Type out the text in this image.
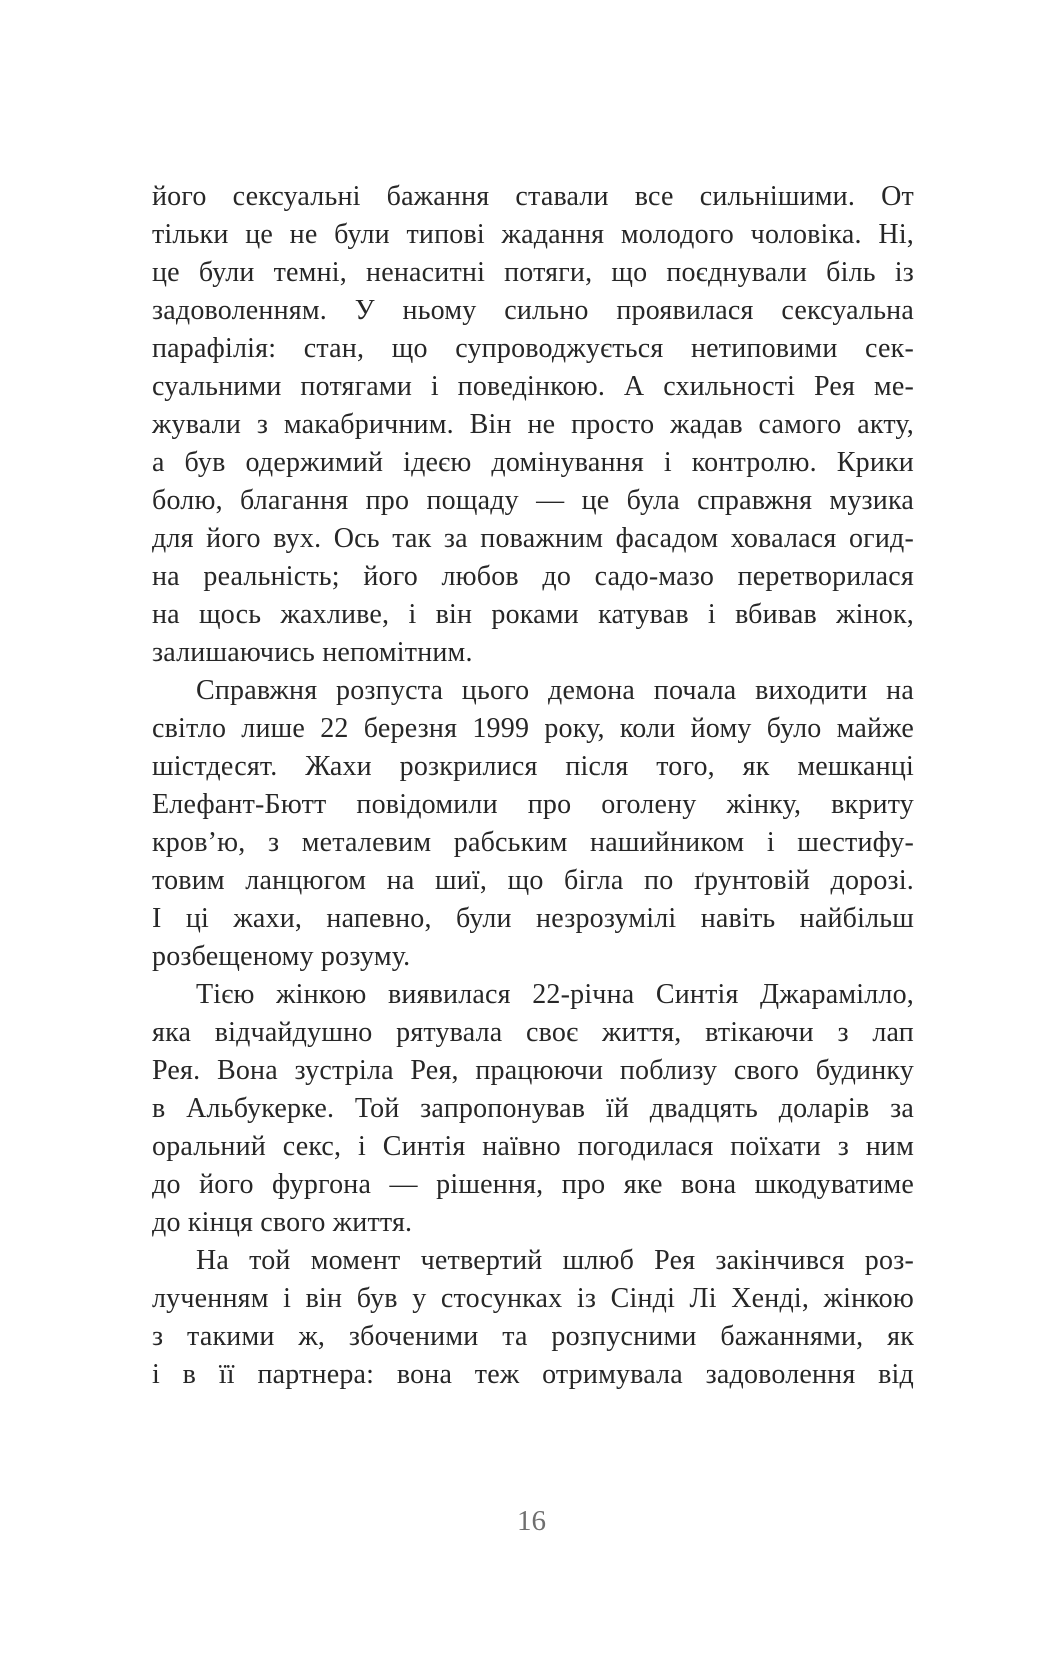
його сексуальні бажання ставали все сильнішими. От
тільки це не були типові жадання молодого чоловіка. Ні,
це були темні, ненаситні потяги, що поєднували біль із
задоволенням. У ньому сильно проявилася сексуальна
парафілія: стан, що супроводжується нетиповими сек-
суальними потягами і поведінкою. А схильності Рея ме-
жували з макабричним. Він не просто жадав самого акту,
а був одержимий ідеєю домінування і контролю. Крики
болю, благання про пощаду — це була справжня музика
для його вух. Ось так за поважним фасадом ховалася огид-
на реальність; його любов до садо-мазо перетворилася
на щось жахливе, і він роками катував і вбивав жінок,
залишаючись непомітним.

Справжня розпуста цього демона почала виходити на
світло лише 22 березня 1999 року, коли йому було майже
шістдесят. Жахи розкрилися після того, як мешканці
Елефант-Бютт повідомили про оголену жінку, вкриту
кров’ю, з металевим рабським нашийником і шестифу-
товим ланцюгом на шиї, що бігла по ґрунтовій дорозі.
І ці жахи, напевно, були незрозумілі навіть найбільш
розбещеному розуму.

Тією жінкою виявилася 22-річна Синтія Джарамілло,
яка відчайдушно рятувала своє життя, втікаючи з лап
Рея. Вона зустріла Рея, працюючи поблизу свого будинку
в Альбукерке. Той запропонував їй двадцять доларів за
оральний секс, і Синтія наївно погодилася поїхати з ним
до його фургона — рішення, про яке вона шкодуватиме
до кінця свого життя.

На той момент четвертий шлюб Рея закінчився роз-
лученням і він був у стосунках із Сінді Лі Хенді, жінкою
з такими ж, збоченими та розпусними бажаннями, як
і в її партнера: вона теж отримувала задоволення від

16
